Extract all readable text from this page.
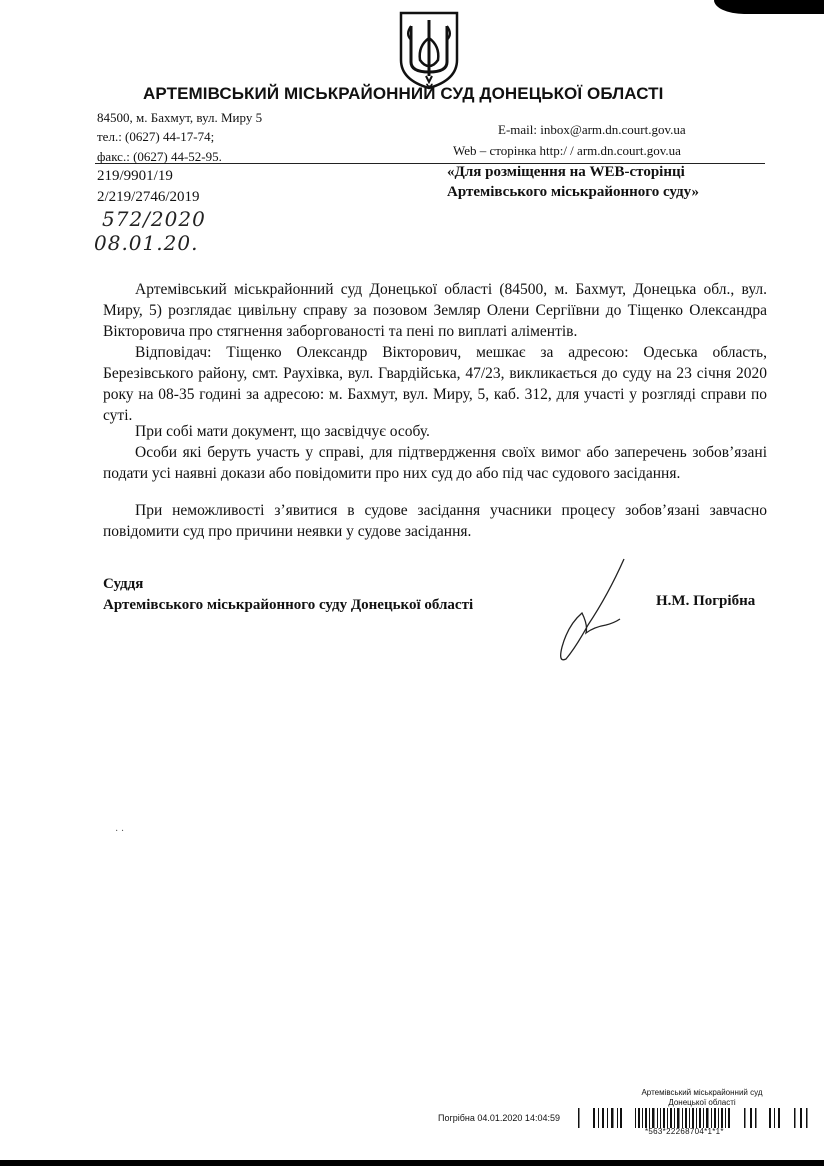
АРТЕМІВСЬКИЙ МІСЬКРАЙОННИЙ СУД ДОНЕЦЬКОЇ ОБЛАСТІ
84500, м. Бахмут, вул. Миру 5
тел.: (0627) 44-17-74;
факс.: (0627) 44-52-95.
E-mail: inbox@arm.dn.court.gov.ua
Web – сторінка http:/ / arm.dn.court.gov.ua
219/9901/19
2/219/2746/2019
572/2020
08.01.20.
«Для розміщення на WEB-сторінці
Артемівського міськрайонного суду»

Артемівський міськрайонний суд Донецької області (84500, м. Бахмут, Донецька обл., вул. Миру, 5) розглядає цивільну справу за позовом Земляр Олени Сергіївни до Тіщенко Олександра Вікторовича про стягнення заборгованості та пені по виплаті аліментів.

Відповідач: Тіщенко Олександр Вікторович, мешкає за адресою: Одеська область, Березівського району, смт. Раухівка, вул. Гвардійська, 47/23, викликається до суду на 23 січня 2020 року на 08-35 годині за адресою: м. Бахмут, вул. Миру, 5, каб. 312, для участі у розгляді справи по суті.

При собі мати документ, що засвідчує особу.

Особи які беруть участь у справі, для підтвердження своїх вимог або заперечень зобов’язані подати усі наявні докази або повідомити про них суд до або під час судового засідання.

При неможливості з’явитися в судове засідання учасники процесу зобов’язані завчасно повідомити суд про причини неявки у судове засідання.

Суддя
Артемівського міськрайонного суду Донецької області	Н.М. Погрібна
· ·
Артемівський міськрайонний суд
Донецької області
Погрібна 04.01.2020 14:04:59
*563*22268704*1*1*
